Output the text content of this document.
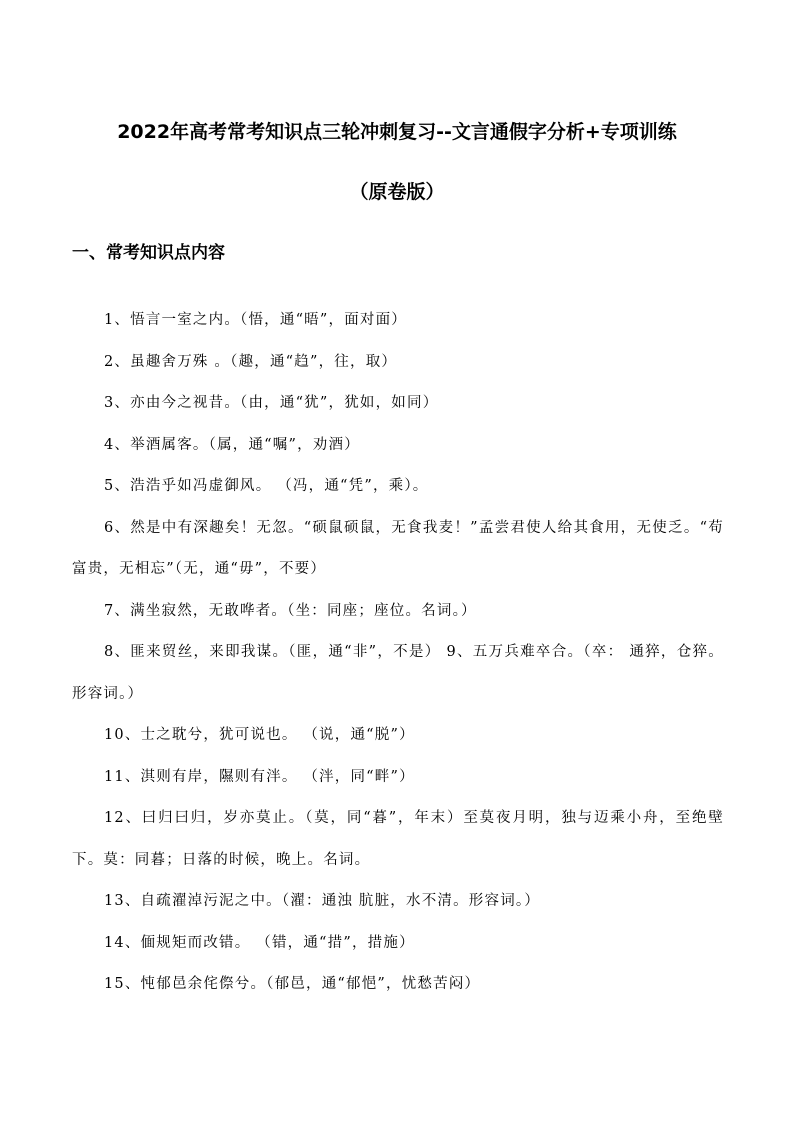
2022年高考常考知识点三轮冲刺复习--文言通假字分析+专项训练
（原卷版）
一、常考知识点内容

1、悟言一室之内。（悟，通“晤”，面对面）

2、虽趣舍万殊 。（趣，通“趋”，往，取）

3、亦由今之视昔。（由，通“犹”，犹如，如同）

4、举酒属客。（属，通“嘱”，劝酒）

5、浩浩乎如冯虚御风。 （冯，通“凭”，乘）。

6、然是中有深趣矣！无忽。“硕鼠硕鼠，无食我麦！”孟尝君使人给其食用，无使乏。“苟富贵，无相忘”（无，通“毋”，不要）

7、满坐寂然，无敢哗者。（坐：同座；座位。名词。）

8、匪来贸丝，来即我谋。（匪，通“非”，不是） 9、五万兵难卒合。（卒： 通猝，仓猝。形容词。）

10、士之耽兮，犹可说也。 （说，通“脱”）

11、淇则有岸，隰则有泮。 （泮，同“畔”）

12、曰归曰归，岁亦莫止。（莫，同“暮”，年末）至莫夜月明，独与迈乘小舟，至绝壁下。莫：同暮；日落的时候，晚上。名词。

13、自疏濯淖污泥之中。（濯：通浊 肮脏，水不清。形容词。）

14、偭规矩而改错。 （错，通“措”，措施）

15、忳郁邑余侘傺兮。（郁邑，通“郁悒”，忧愁苦闷）
